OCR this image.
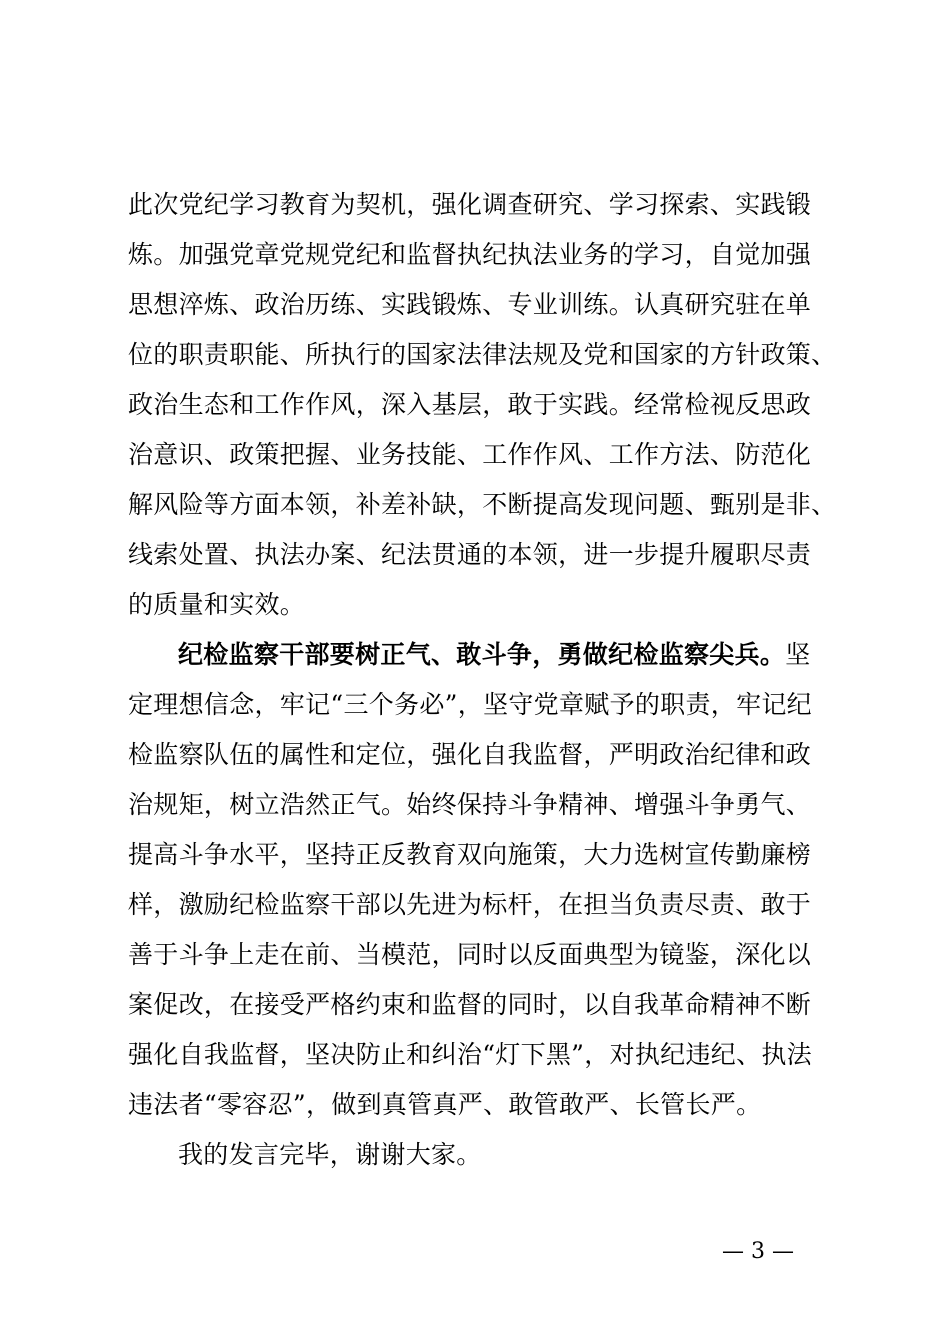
此次党纪学习教育为契机，强化调查研究、学习探索、实践锻
炼。加强党章党规党纪和监督执纪执法业务的学习，自觉加强
思想淬炼、政治历练、实践锻炼、专业训练。认真研究驻在单
位的职责职能、所执行的国家法律法规及党和国家的方针政策、
政治生态和工作作风，深入基层，敢于实践。经常检视反思政
治意识、政策把握、业务技能、工作作风、工作方法、防范化
解风险等方面本领，补差补缺，不断提高发现问题、甄别是非、
线索处置、执法办案、纪法贯通的本领，进一步提升履职尽责
的质量和实效。
纪检监察干部要树正气、敢斗争，勇做纪检监察尖兵。坚
定理想信念，牢记“三个务必”，坚守党章赋予的职责，牢记纪
检监察队伍的属性和定位，强化自我监督，严明政治纪律和政
治规矩，树立浩然正气。始终保持斗争精神、增强斗争勇气、
提高斗争水平，坚持正反教育双向施策，大力选树宣传勤廉榜
样，激励纪检监察干部以先进为标杆，在担当负责尽责、敢于
善于斗争上走在前、当模范，同时以反面典型为镜鉴，深化以
案促改，在接受严格约束和监督的同时，以自我革命精神不断
强化自我监督，坚决防止和纠治“灯下黑”，对执纪违纪、执法
违法者“零容忍”，做到真管真严、敢管敢严、长管长严。
我的发言完毕，谢谢大家。
— 3 —
